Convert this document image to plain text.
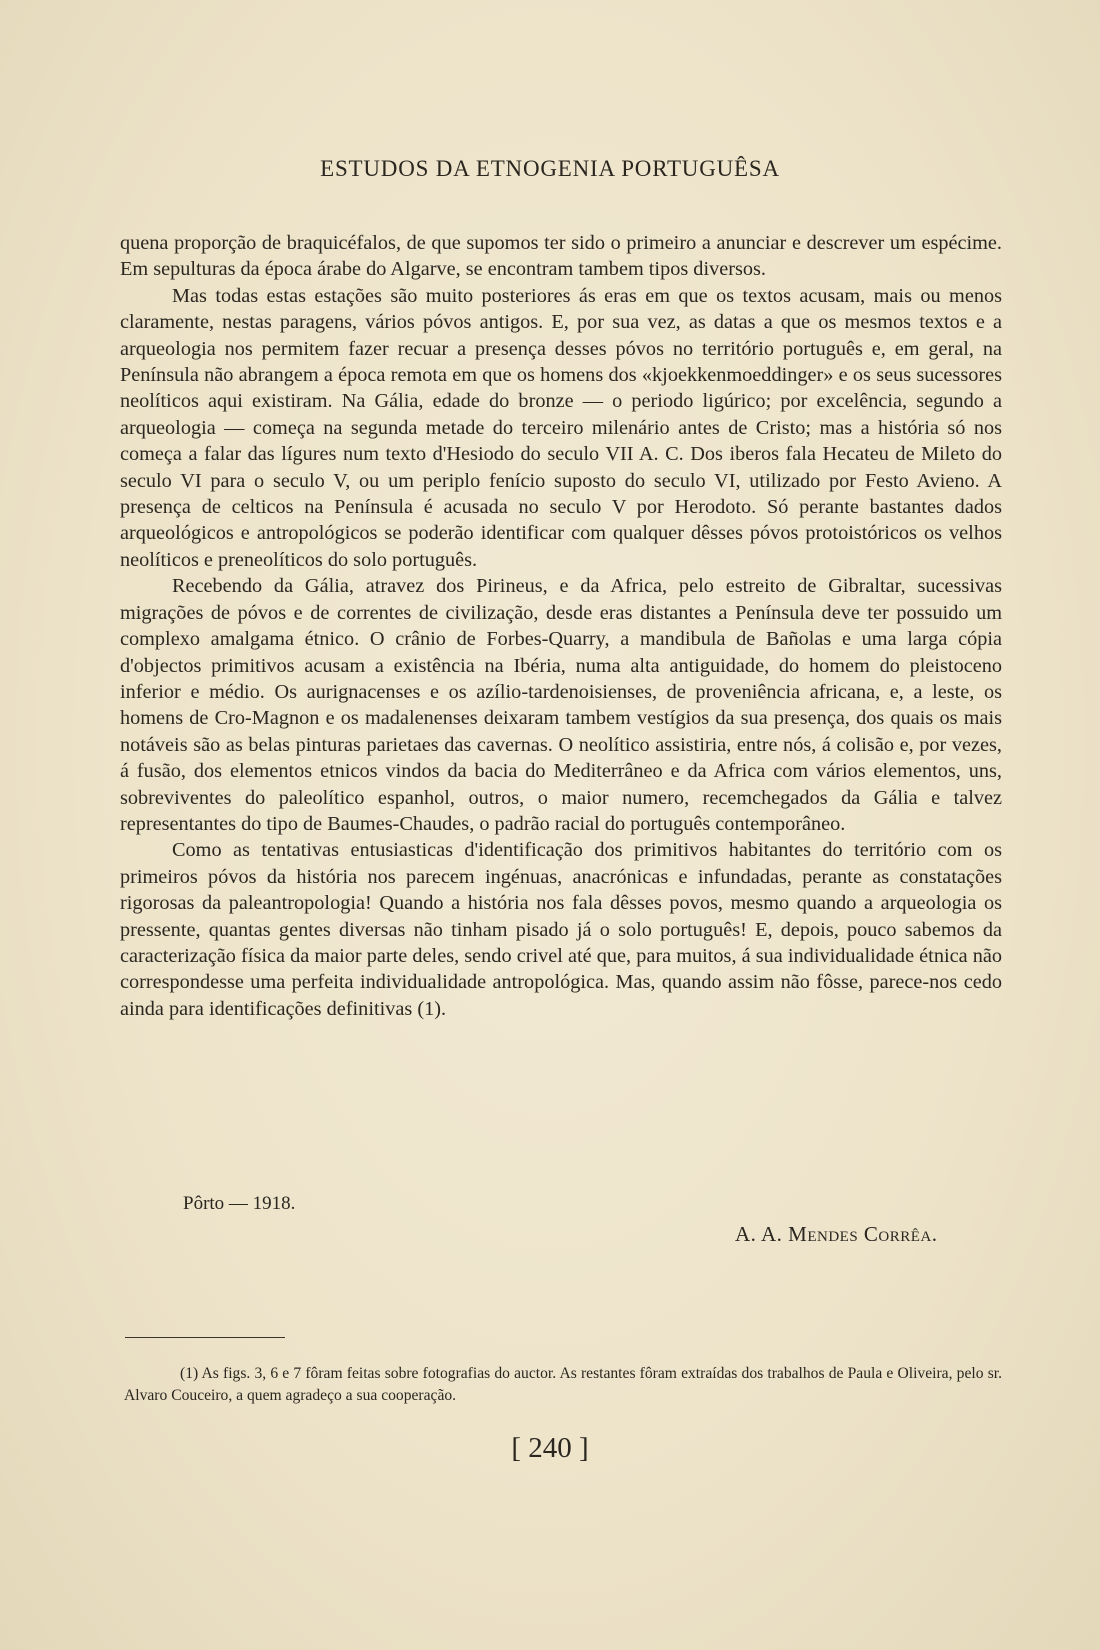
ESTUDOS DA ETNOGENIA PORTUGUÊSA

quena proporção de braquicéfalos, de que supomos ter sido o primeiro a anunciar e descrever um espécime. Em sepulturas da época árabe do Algarve, se encontram tambem tipos diversos.

Mas todas estas estações são muito posteriores ás eras em que os textos acusam, mais ou menos claramente, nestas paragens, vários póvos antigos. E, por sua vez, as datas a que os mesmos textos e a arqueologia nos permitem fazer recuar a presença desses póvos no território português e, em geral, na Península não abrangem a época remota em que os homens dos «kjoekkenmoeddinger» e os seus sucessores neolíticos aqui existiram. Na Gália, edade do bronze — o periodo ligúrico; por excelência, segundo a arqueologia — começa na segunda metade do terceiro milenário antes de Cristo; mas a história só nos começa a falar das lígures num texto d'Hesiodo do seculo VII A. C. Dos iberos fala Hecateu de Mileto do seculo VI para o seculo V, ou um periplo fenício suposto do seculo VI, utilizado por Festo Avieno. A presença de celticos na Península é acusada no seculo V por Herodoto. Só perante bastantes dados arqueológicos e antropológicos se poderão identificar com qualquer dêsses póvos protoistóricos os velhos neolíticos e preneolíticos do solo português.

Recebendo da Gália, atravez dos Pirineus, e da Africa, pelo estreito de Gibraltar, sucessivas migrações de póvos e de correntes de civilização, desde eras distantes a Península deve ter possuido um complexo amalgama étnico. O crânio de Forbes-Quarry, a mandibula de Bañolas e uma larga cópia d'objectos primitivos acusam a existência na Ibéria, numa alta antiguidade, do homem do pleistoceno inferior e médio. Os aurignacenses e os azílio-tardenoisienses, de proveniência africana, e, a leste, os homens de Cro-Magnon e os madalenenses deixaram tambem vestígios da sua presença, dos quais os mais notáveis são as belas pinturas parietaes das cavernas. O neolítico assistiria, entre nós, á colisão e, por vezes, á fusão, dos elementos etnicos vindos da bacia do Mediterrâneo e da Africa com vários elementos, uns, sobreviventes do paleolítico espanhol, outros, o maior numero, recemchegados da Gália e talvez representantes do tipo de Baumes-Chaudes, o padrão racial do português contemporâneo.

Como as tentativas entusiasticas d'identificação dos primitivos habitantes do território com os primeiros póvos da história nos parecem ingénuas, anacrónicas e infundadas, perante as constatações rigorosas da paleantropologia! Quando a história nos fala dêsses povos, mesmo quando a arqueologia os pressente, quantas gentes diversas não tinham pisado já o solo português! E, depois, pouco sabemos da caracterização física da maior parte deles, sendo crivel até que, para muitos, á sua individualidade étnica não correspondesse uma perfeita individualidade antropológica. Mas, quando assim não fôsse, parece-nos cedo ainda para identificações definitivas (1).

Pôrto — 1918.
A. A. Mendes Corrêa.

(1) As figs. 3, 6 e 7 fôram feitas sobre fotografias do auctor. As restantes fôram extraídas dos trabalhos de Paula e Oliveira, pelo sr. Alvaro Couceiro, a quem agradeço a sua cooperação.

[ 240 ]
